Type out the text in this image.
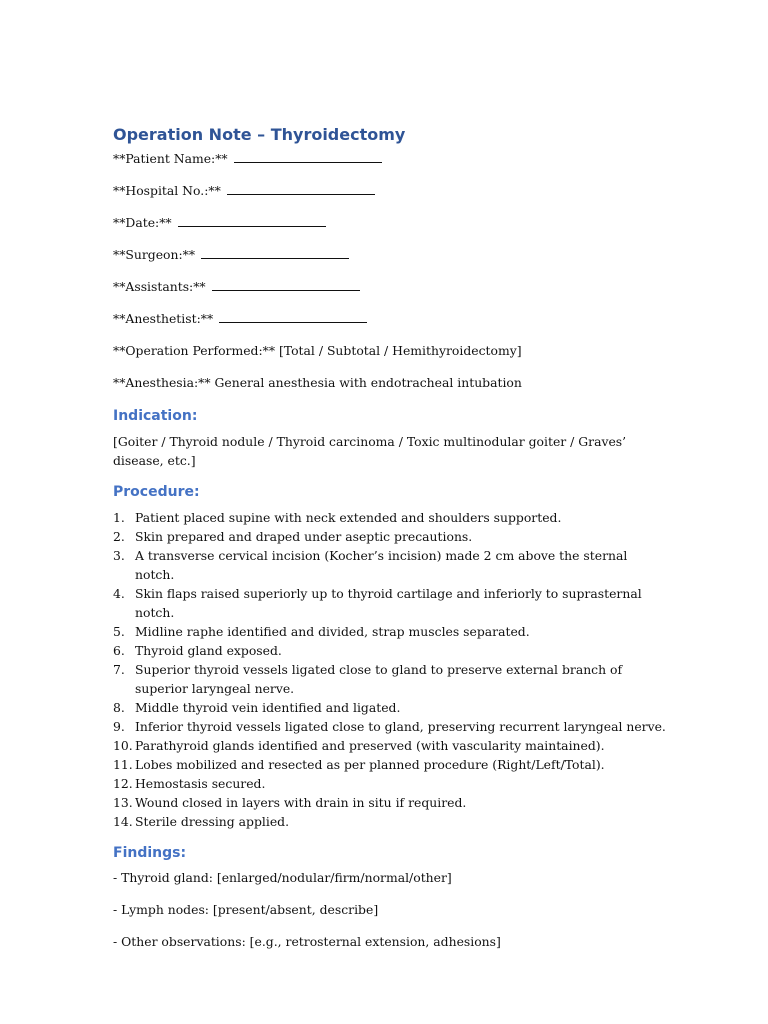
Operation Note – Thyroidectomy
**Patient Name:**
**Hospital No.:**
**Date:**
**Surgeon:**
**Assistants:**
**Anesthetist:**
**Operation Performed:** [Total / Subtotal / Hemithyroidectomy]
**Anesthesia:** General anesthesia with endotracheal intubation
Indication:

[Goiter / Thyroid nodule / Thyroid carcinoma / Toxic multinodular goiter / Graves’ disease, etc.]

Procedure:
1. Patient placed supine with neck extended and shoulders supported.
2. Skin prepared and draped under aseptic precautions.
3. A transverse cervical incision (Kocher’s incision) made 2 cm above the sternal notch.
4. Skin flaps raised superiorly up to thyroid cartilage and inferiorly to suprasternal notch.
5. Midline raphe identified and divided, strap muscles separated.
6. Thyroid gland exposed.
7. Superior thyroid vessels ligated close to gland to preserve external branch of superior laryngeal nerve.
8. Middle thyroid vein identified and ligated.
9. Inferior thyroid vessels ligated close to gland, preserving recurrent laryngeal nerve.
10. Parathyroid glands identified and preserved (with vascularity maintained).
11. Lobes mobilized and resected as per planned procedure (Right/Left/Total).
12. Hemostasis secured.
13. Wound closed in layers with drain in situ if required.
14. Sterile dressing applied.
Findings:
- Thyroid gland: [enlarged/nodular/firm/normal/other]
- Lymph nodes: [present/absent, describe]
- Other observations: [e.g., retrosternal extension, adhesions]
